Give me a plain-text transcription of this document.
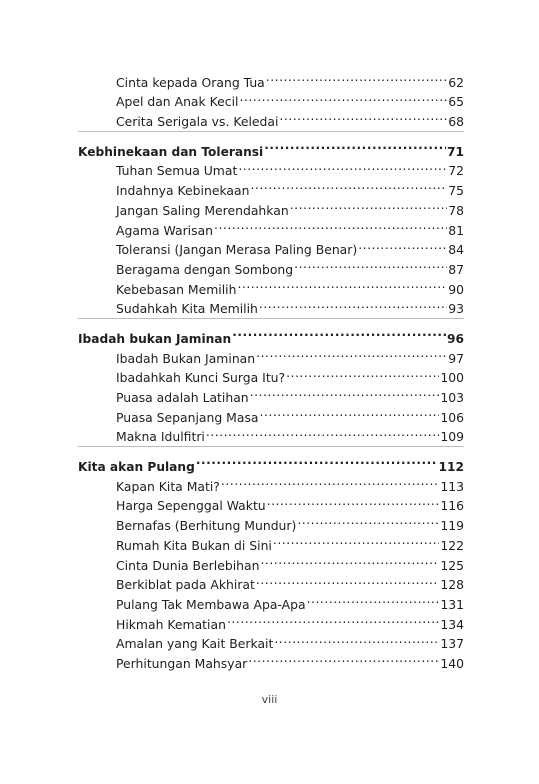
Cinta kepada Orang Tua .....	62
Apel dan Anak Kecil .....	65
Cerita Serigala vs. Keledai .....	68
Kebhinekaan dan Toleransi .....	71
Tuhan Semua Umat .....	72
Indahnya Kebinekaan .....	75
Jangan Saling Merendahkan .....	78
Agama Warisan .....	81
Toleransi (Jangan Merasa Paling Benar) .....	84
Beragama dengan Sombong .....	87
Kebebasan Memilih .....	90
Sudahkah Kita Memilih .....	93
Ibadah bukan Jaminan .....	96
Ibadah Bukan Jaminan .....	97
Ibadahkah Kunci Surga Itu? .....	100
Puasa adalah Latihan .....	103
Puasa Sepanjang Masa .....	106
Makna Idulfitri .....	109
Kita akan Pulang .....	112
Kapan Kita Mati? .....	113
Harga Sepenggal Waktu .....	116
Bernafas (Berhitung Mundur) .....	119
Rumah Kita Bukan di Sini .....	122
Cinta Dunia Berlebihan .....	125
Berkiblat pada Akhirat .....	128
Pulang Tak Membawa Apa-Apa .....	131
Hikmah Kematian .....	134
Amalan yang Kait Berkait .....	137
Perhitungan Mahsyar .....	140
viii
